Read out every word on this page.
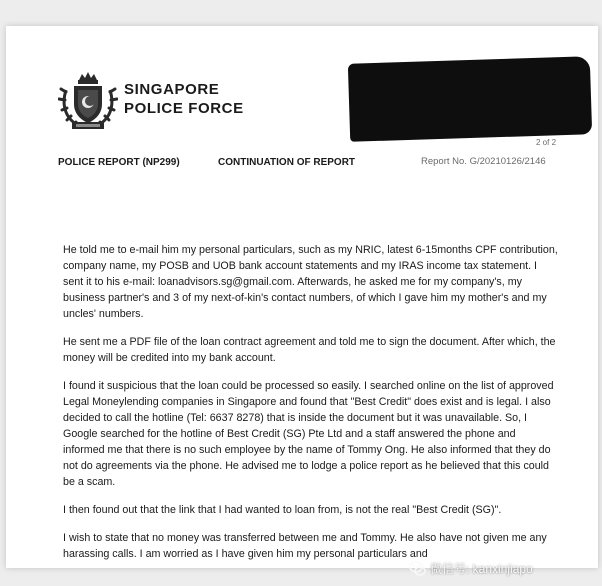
SINGAPORE
POLICE FORCE
2 of 2
POLICE REPORT (NP299)	CONTINUATION OF REPORT	Report No. G/20210126/2146

He told me to e-mail him my personal particulars, such as my NRIC, latest 6-15months CPF contribution, company name, my POSB and UOB bank account statements and my IRAS income tax statement. I sent it to his e-mail: loanadvisors.sg@gmail.com. Afterwards, he asked me for my company's, my business partner's and 3 of my next-of-kin's contact numbers, of which I gave him my mother's and my uncles' numbers.

He sent me a PDF file of the loan contract agreement and told me to sign the document. After which, the money will be credited into my bank account.

I found it suspicious that the loan could be processed so easily. I searched online on the list of approved Legal Moneylending companies in Singapore and found that "Best Credit" does exist and is legal. I also decided to call the hotline (Tel: 6637 8278) that is inside the document but it was unavailable. So, I Google searched for the hotline of Best Credit (SG) Pte Ltd and a staff answered the phone and informed me that there is no such employee by the name of Tommy Ong. He also informed that they do not do agreements via the phone. He advised me to lodge a police report as he believed that this could be a scam.

I then found out that the link that I had wanted to loan from, is not the real "Best Credit (SG)".

I wish to state that no money was transferred between me and Tommy. He also have not given me any harassing calls. I am worried as I have given him my personal particulars and

微信号: kanxinjiapo
